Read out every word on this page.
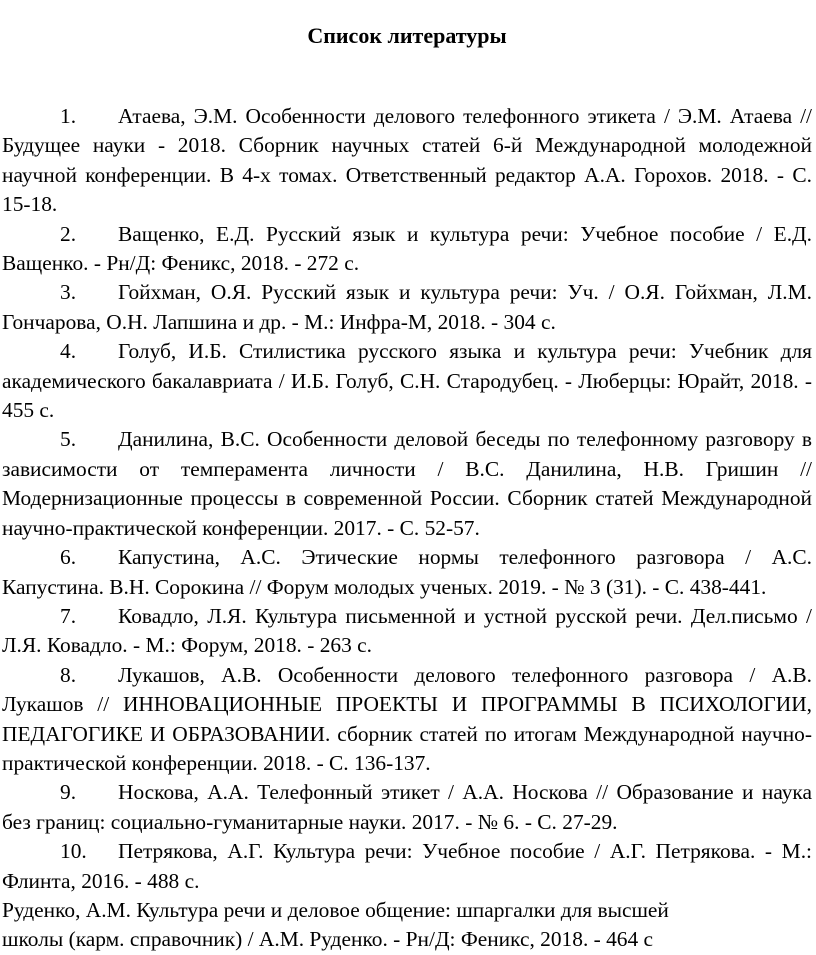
Список литературы

1. Атаева, Э.М. Особенности делового телефонного этикета / Э.М. Атаева // Будущее науки - 2018. Сборник научных статей 6-й Международной молодежной научной конференции. В 4-х томах. Ответственный редактор А.А. Горохов. 2018. - С. 15-18.

2. Ващенко, Е.Д. Русский язык и культура речи: Учебное пособие / Е.Д. Ващенко. - Рн/Д: Феникс, 2018. - 272 c.

3. Гойхман, О.Я. Русский язык и культура речи: Уч. / О.Я. Гойхман, Л.М. Гончарова, О.Н. Лапшина и др. - М.: Инфра-М, 2018. - 304 c.

4. Голуб, И.Б. Стилистика русского языка и культура речи: Учебник для академического бакалавриата / И.Б. Голуб, С.Н. Стародубец. - Люберцы: Юрайт, 2018. - 455 c.

5. Данилина, В.С. Особенности деловой беседы по телефонному разговору в зависимости от темперамента личности / В.С. Данилина, Н.В. Гришин // Модернизационные процессы в современной России. Сборник статей Международной научно-практической конференции. 2017. - С. 52-57.

6. Капустина, А.С. Этические нормы телефонного разговора / А.С. Капустина. В.Н. Сорокина // Форум молодых ученых. 2019. - № 3 (31). - С. 438-441.

7. Ковадло, Л.Я. Культура письменной и устной русской речи. Дел.письмо / Л.Я. Ковадло. - М.: Форум, 2018. - 263 c.

8. Лукашов, А.В. Особенности делового телефонного разговора / А.В. Лукашов // ИННОВАЦИОННЫЕ ПРОЕКТЫ И ПРОГРАММЫ В ПСИХОЛОГИИ, ПЕДАГОГИКЕ И ОБРАЗОВАНИИ. сборник статей по итогам Международной научно-практической конференции. 2018. - С. 136-137.

9. Носкова, А.А. Телефонный этикет / А.А. Носкова // Образование и наука без границ: социально-гуманитарные науки. 2017. - № 6. - С. 27-29.

10. Петрякова, А.Г. Культура речи: Учебное пособие / А.Г. Петрякова. - М.: Флинта, 2016. - 488 c.

Руденко, А.М. Культура речи и деловое общение: шпаргалки для высшей

школы (карм. справочник) / А.М. Руденко. - Рн/Д: Феникс, 2018. - 464 c
